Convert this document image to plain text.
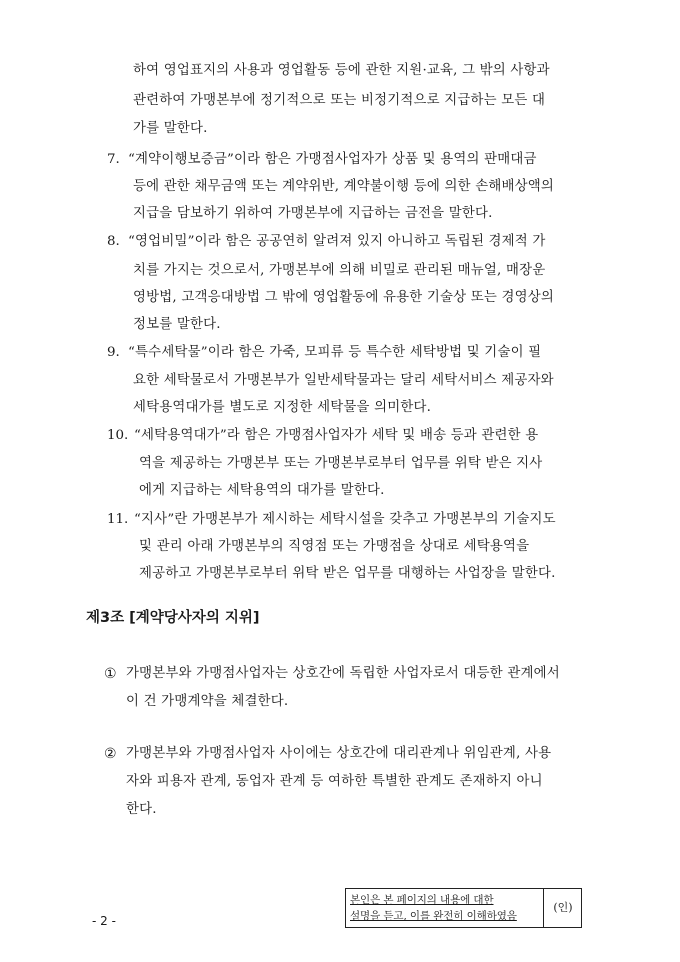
하여 영업표지의 사용과 영업활동 등에 관한 지원·교육, 그 밖의 사항과
관련하여 가맹본부에 정기적으로 또는 비정기적으로 지급하는 모든 대
가를 말한다.
7. “계약이행보증금”이라 함은 가맹점사업자가 상품 및 용역의 판매대금
등에 관한 채무금액 또는 계약위반, 계약불이행 등에 의한 손해배상액의
지급을 담보하기 위하여 가맹본부에 지급하는 금전을 말한다.
8. “영업비밀”이라 함은 공공연히 알려져 있지 아니하고 독립된 경제적 가
치를 가지는 것으로서, 가맹본부에 의해 비밀로 관리된 매뉴얼, 매장운
영방법, 고객응대방법 그 밖에 영업활동에 유용한 기술상 또는 경영상의
정보를 말한다.
9. “특수세탁물”이라 함은 가죽, 모피류 등 특수한 세탁방법 및 기술이 필
요한 세탁물로서 가맹본부가 일반세탁물과는 달리 세탁서비스 제공자와
세탁용역대가를 별도로 지정한 세탁물을 의미한다.
10. “세탁용역대가”라 함은 가맹점사업자가 세탁 및 배송 등과 관련한 용
역을 제공하는 가맹본부 또는 가맹본부로부터 업무를 위탁 받은 지사
에게 지급하는 세탁용역의 대가를 말한다.
11. “지사”란 가맹본부가 제시하는 세탁시설을 갖추고 가맹본부의 기술지도
및 관리 아래 가맹본부의 직영점 또는 가맹점을 상대로 세탁용역을
제공하고 가맹본부로부터 위탁 받은 업무를 대행하는 사업장을 말한다.
제3조 [계약당사자의 지위]
① 가맹본부와 가맹점사업자는 상호간에 독립한 사업자로서 대등한 관계에서
이 건 가맹계약을 체결한다.
② 가맹본부와 가맹점사업자 사이에는 상호간에 대리관계나 위임관계, 사용
자와 피용자 관계, 동업자 관계 등 여하한 특별한 관계도 존재하지 아니
한다.
본인은 본 페이지의 내용에 대한
설명을 듣고, 이를 완전히 이해하였음
(인)
- 2 -
